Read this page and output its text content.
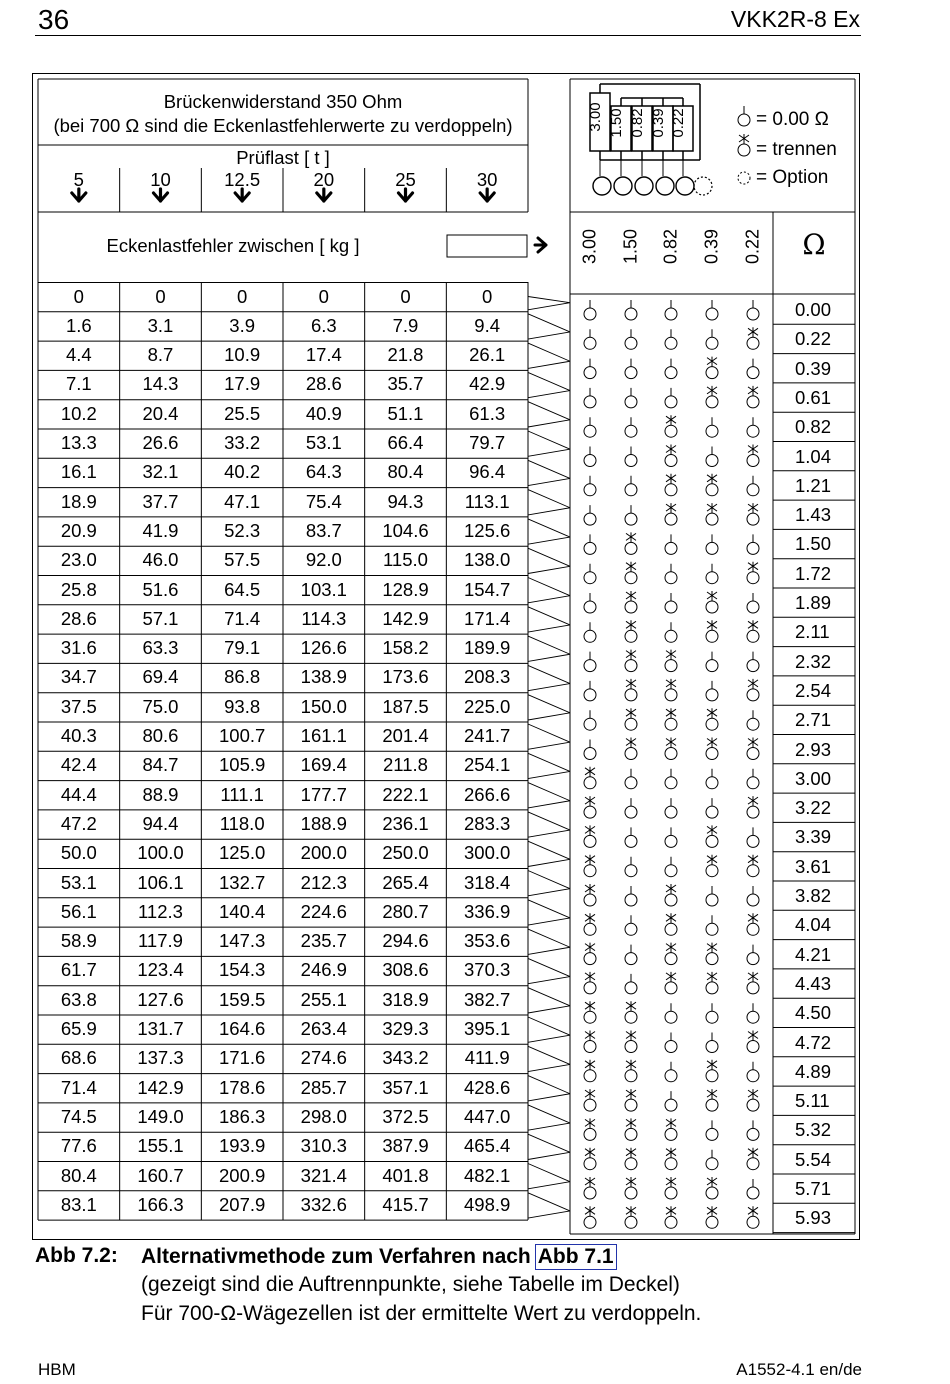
36	VKK2R-8 Ex
3.00 1.50 0.82 0.39 0.22
Brückenwiderstand 350 Ohm
(bei 700 Ω sind die Eckenlastfehlerwerte zu verdoppeln)
Prüflast [ t ]
5	10	12.5	20	25	30
Eckenlastfehler zwischen [ kg ]
0	0	0	0	0	0
1.6	3.1	3.9	6.3	7.9	9.4
4.4	8.7	10.9	17.4	21.8	26.1
7.1	14.3	17.9	28.6	35.7	42.9
10.2	20.4	25.5	40.9	51.1	61.3
13.3	26.6	33.2	53.1	66.4	79.7
16.1	32.1	40.2	64.3	80.4	96.4
18.9	37.7	47.1	75.4	94.3	113.1
20.9	41.9	52.3	83.7	104.6	125.6
23.0	46.0	57.5	92.0	115.0	138.0
25.8	51.6	64.5	103.1	128.9	154.7
28.6	57.1	71.4	114.3	142.9	171.4
31.6	63.3	79.1	126.6	158.2	189.9
34.7	69.4	86.8	138.9	173.6	208.3
37.5	75.0	93.8	150.0	187.5	225.0
40.3	80.6	100.7	161.1	201.4	241.7
42.4	84.7	105.9	169.4	211.8	254.1
44.4	88.9	111.1	177.7	222.1	266.6
47.2	94.4	118.0	188.9	236.1	283.3
50.0	100.0	125.0	200.0	250.0	300.0
53.1	106.1	132.7	212.3	265.4	318.4
56.1	112.3	140.4	224.6	280.7	336.9
58.9	117.9	147.3	235.7	294.6	353.6
61.7	123.4	154.3	246.9	308.6	370.3
63.8	127.6	159.5	255.1	318.9	382.7
65.9	131.7	164.6	263.4	329.3	395.1
68.6	137.3	171.6	274.6	343.2	411.9
71.4	142.9	178.6	285.7	357.1	428.6
74.5	149.0	186.3	298.0	372.5	447.0
77.6	155.1	193.9	310.3	387.9	465.4
80.4	160.7	200.9	321.4	401.8	482.1
83.1	166.3	207.9	332.6	415.7	498.9
3.00 1.50 0.82 0.39 0.22	Ω
= 0.00 Ω
= trennen
= Option
0.00
0.22
0.39
0.61
0.82
1.04
1.21
1.43
1.50
1.72
1.89
2.11
2.32
2.54
2.71
2.93
3.00
3.22
3.39
3.61
3.82
4.04
4.21
4.43
4.50
4.72
4.89
5.11
5.32
5.54
5.71
5.93
Abb 7.2: Alternativmethode zum Verfahren nach Abb 7.1
(gezeigt sind die Auftrennpunkte, siehe Tabelle im Deckel)
Für 700-Ω-Wägezellen ist der ermittelte Wert zu verdoppeln.
HBM	A1552-4.1 en/de
